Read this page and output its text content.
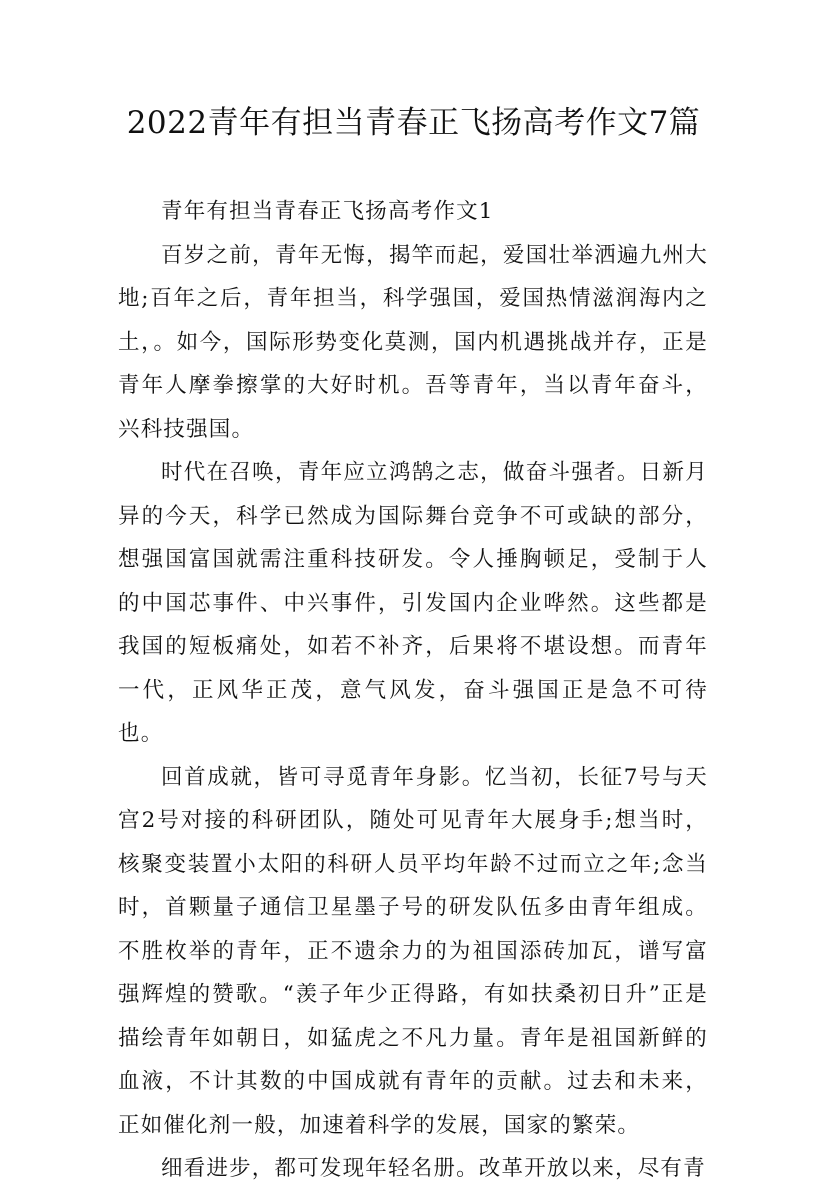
2022青年有担当青春正飞扬高考作文7篇

青年有担当青春正飞扬高考作文1

百岁之前，青年无悔，揭竿而起，爱国壮举洒遍九州大地;百年之后，青年担当，科学强国，爱国热情滋润海内之土，。如今，国际形势变化莫测，国内机遇挑战并存，正是青年人摩拳擦掌的大好时机。吾等青年，当以青年奋斗，兴科技强国。

时代在召唤，青年应立鸿鹄之志，做奋斗强者。日新月异的今天，科学已然成为国际舞台竞争不可或缺的部分，想强国富国就需注重科技研发。令人捶胸顿足，受制于人的中国芯事件、中兴事件，引发国内企业哗然。这些都是我国的短板痛处，如若不补齐，后果将不堪设想。而青年一代，正风华正茂，意气风发，奋斗强国正是急不可待也。

回首成就，皆可寻觅青年身影。忆当初，长征7号与天宫2号对接的科研团队，随处可见青年大展身手;想当时，核聚变装置小太阳的科研人员平均年龄不过而立之年;念当时，首颗量子通信卫星墨子号的研发队伍多由青年组成。不胜枚举的青年，正不遗余力的为祖国添砖加瓦，谱写富强辉煌的赞歌。“羡子年少正得路，有如扶桑初日升”正是描绘青年如朝日，如猛虎之不凡力量。青年是祖国新鲜的血液，不计其数的中国成就有青年的贡献。过去和未来，正如催化剂一般，加速着科学的发展，国家的繁荣。

细看进步，都可发现年轻名册。改革开放以来，尽有青
